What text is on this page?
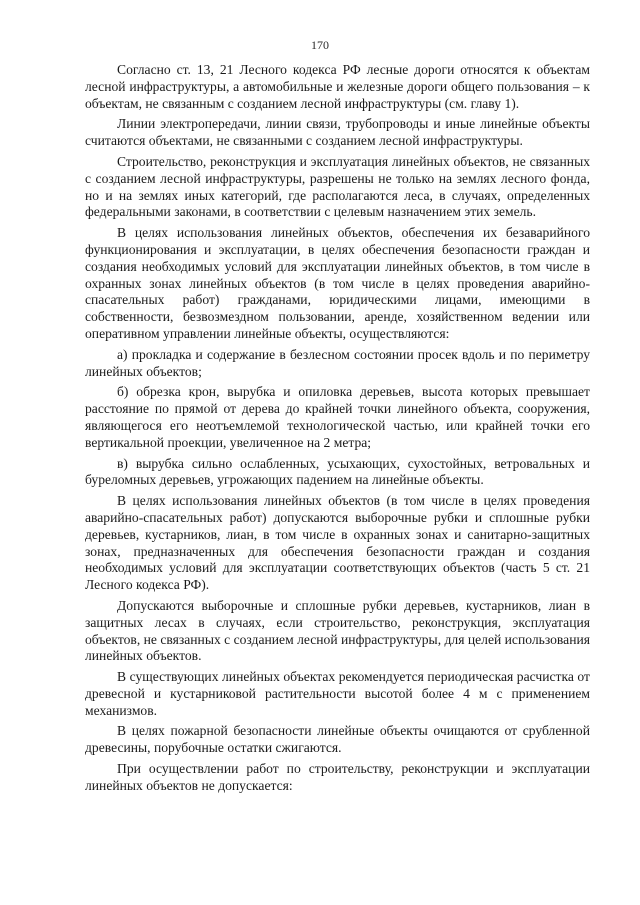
170

Согласно ст. 13, 21 Лесного кодекса РФ лесные дороги относятся к объектам лесной инфраструктуры, а автомобильные и железные дороги общего пользования – к объектам, не связанным с созданием лесной инфраструктуры (см. главу 1).

Линии электропередачи, линии связи, трубопроводы и иные линейные объекты считаются объектами, не связанными с созданием лесной инфраструктуры.

Строительство, реконструкция и эксплуатация линейных объектов, не связанных с созданием лесной инфраструктуры, разрешены не только на землях лесного фонда, но и на землях иных категорий, где располагаются леса, в случаях, определенных федеральными законами, в соответствии с целевым назначением этих земель.

В целях использования линейных объектов, обеспечения их безаварийного функционирования и эксплуатации, в целях обеспечения безопасности граждан и создания необходимых условий для эксплуатации линейных объектов, в том числе в охранных зонах линейных объектов (в том числе в целях проведения аварийно-спасательных работ) гражданами, юридическими лицами, имеющими в собственности, безвозмездном пользовании, аренде, хозяйственном ведении или оперативном управлении линейные объекты, осуществляются:

а) прокладка и содержание в безлесном состоянии просек вдоль и по периметру линейных объектов;

б) обрезка крон, вырубка и опиловка деревьев, высота которых превышает расстояние по прямой от дерева до крайней точки линейного объекта, сооружения, являющегося его неотъемлемой технологической частью, или крайней точки его вертикальной проекции, увеличенное на 2 метра;

в) вырубка сильно ослабленных, усыхающих, сухостойных, ветровальных и буреломных деревьев, угрожающих падением на линейные объекты.

В целях использования линейных объектов (в том числе в целях проведения аварийно-спасательных работ) допускаются выборочные рубки и сплошные рубки деревьев, кустарников, лиан, в том числе в охранных зонах и санитарно-защитных зонах, предназначенных для обеспечения безопасности граждан и создания необходимых условий для эксплуатации соответствующих объектов (часть 5 ст. 21 Лесного кодекса РФ).

Допускаются выборочные и сплошные рубки деревьев, кустарников, лиан в защитных лесах в случаях, если строительство, реконструкция, эксплуатация объектов, не связанных с созданием лесной инфраструктуры, для целей использования линейных объектов.

В существующих линейных объектах рекомендуется периодическая расчистка от древесной и кустарниковой растительности высотой более 4 м с применением механизмов.

В целях пожарной безопасности линейные объекты очищаются от срубленной древесины, порубочные остатки сжигаются.

При осуществлении работ по строительству, реконструкции и эксплуатации линейных объектов не допускается:
